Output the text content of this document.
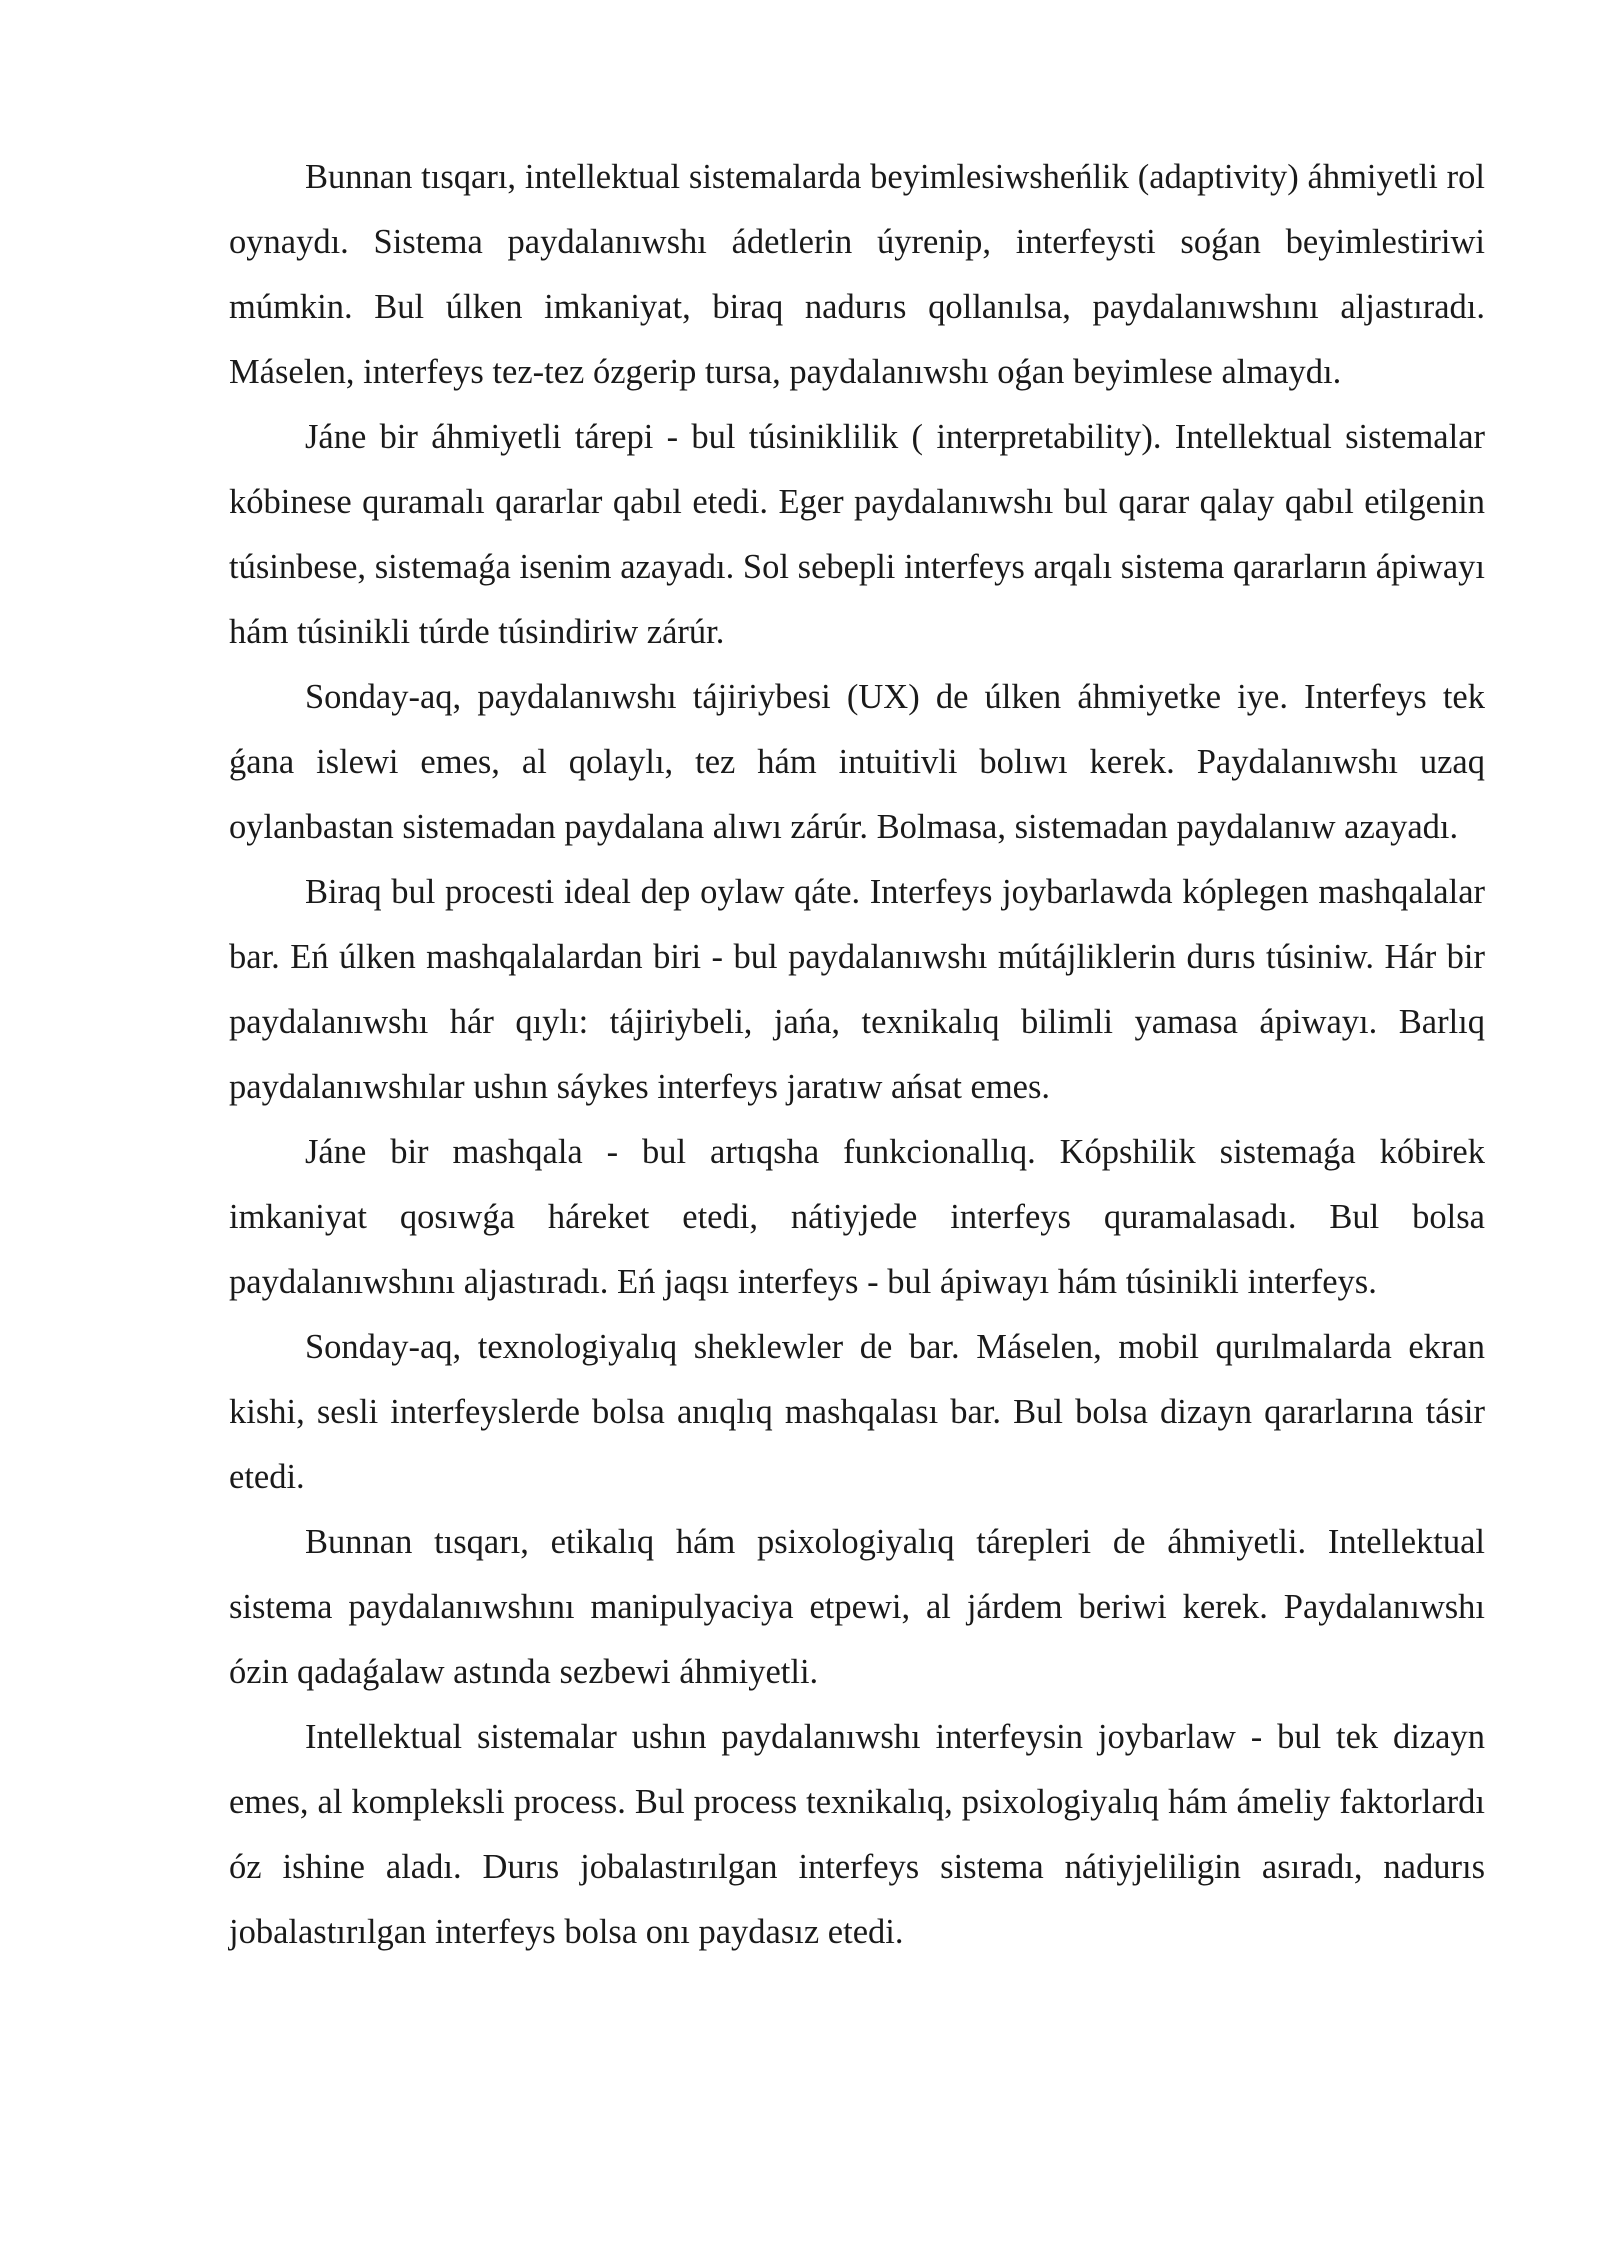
Bunnan tısqarı, intellektual sistemalarda beyimlesiwsheńlik (adaptivity) áhmiyetli rol oynaydı. Sistema paydalanıwshı ádetlerin úyrenip, interfeysti soǵan beyimlestiriwi múmkin. Bul úlken imkaniyat, biraq nadurıs qollanılsa, paydalanıwshını aljastıradı. Máselen, interfeys tez-tez ózgerip tursa, paydalanıwshı oǵan beyimlese almaydı.

Jáne bir áhmiyetli tárepi - bul túsiniklilik ( interpretability). Intellektual sistemalar kóbinese quramalı qararlar qabıl etedi. Eger paydalanıwshı bul qarar qalay qabıl etilgenin túsinbese, sistemaǵa isenim azayadı. Sol sebepli interfeys arqalı sistema qararların ápiwayı hám túsinikli túrde túsindiriw zárúr.

Sonday-aq, paydalanıwshı tájiriybesi (UX) de úlken áhmiyetke iye. Interfeys tek ǵana islewi emes, al qolaylı, tez hám intuitivli bolıwı kerek. Paydalanıwshı uzaq oylanbastan sistemadan paydalana alıwı zárúr. Bolmasa, sistemadan paydalanıw azayadı.

Biraq bul procesti ideal dep oylaw qáte. Interfeys joybarlawda kóplegen mashqalalar bar. Eń úlken mashqalalardan biri - bul paydalanıwshı mútájliklerin durıs túsiniw. Hár bir paydalanıwshı hár qıylı: tájiriybeli, jańa, texnikalıq bilimli yamasa ápiwayı. Barlıq paydalanıwshılar ushın sáykes interfeys jaratıw ańsat emes.

Jáne bir mashqala - bul artıqsha funkcionallıq. Kópshilik sistemaǵa kóbirek imkaniyat qosıwǵa háreket etedi, nátiyjede interfeys quramalasadı. Bul bolsa paydalanıwshını aljastıradı. Eń jaqsı interfeys - bul ápiwayı hám túsinikli interfeys.

Sonday-aq, texnologiyalıq sheklewler de bar. Máselen, mobil qurılmalarda ekran kishi, sesli interfeyslerde bolsa anıqlıq mashqalası bar. Bul bolsa dizayn qararlarına tásir etedi.

Bunnan tısqarı, etikalıq hám psixologiyalıq tárepleri de áhmiyetli. Intellektual sistema paydalanıwshını manipulyaciya etpewi, al járdem beriwi kerek. Paydalanıwshı ózin qadaǵalaw astında sezbewi áhmiyetli.

Intellektual sistemalar ushın paydalanıwshı interfeysin joybarlaw - bul tek dizayn emes, al kompleksli process. Bul process texnikalıq, psixologiyalıq hám ámeliy faktorlardı óz ishine aladı. Durıs jobalastırılgan interfeys sistema nátiyjeliligin asıradı, nadurıs jobalastırılgan interfeys bolsa onı paydasız etedi.
